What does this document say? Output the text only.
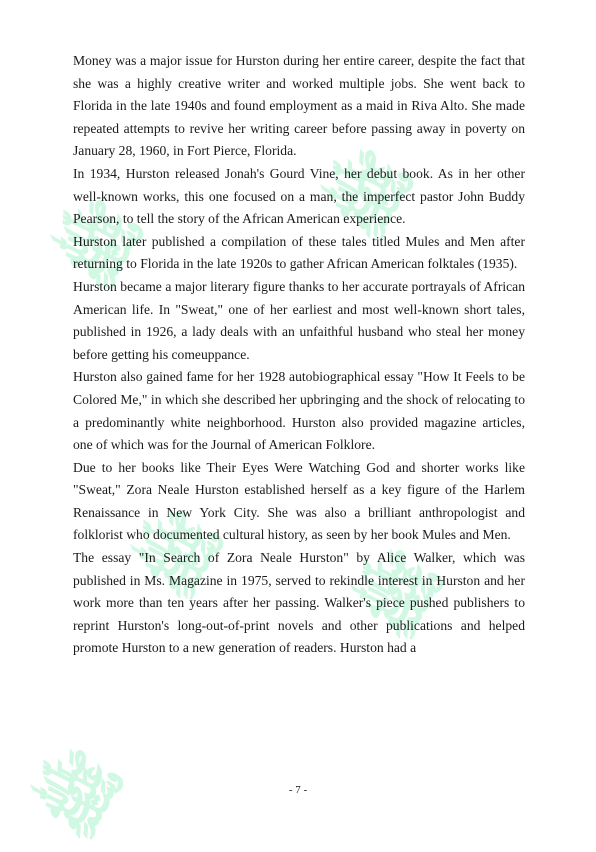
ﷺ ﷺ
ﷺ ﷺ
ﷺ

Money was a major issue for Hurston during her entire career, despite the fact that she was a highly creative writer and worked multiple jobs. She went back to Florida in the late 1940s and found employment as a maid in Riva Alto. She made repeated attempts to revive her writing career before passing away in poverty on January 28, 1960, in Fort Pierce, Florida.

In 1934, Hurston released Jonah's Gourd Vine, her debut book. As in her other well-known works, this one focused on a man, the imperfect pastor John Buddy Pearson, to tell the story of the African American experience.

Hurston later published a compilation of these tales titled Mules and Men after returning to Florida in the late 1920s to gather African American folktales (1935).

Hurston became a major literary figure thanks to her accurate portrayals of African American life. In "Sweat," one of her earliest and most well-known short tales, published in 1926, a lady deals with an unfaithful husband who steal her money before getting his comeuppance.

Hurston also gained fame for her 1928 autobiographical essay "How It Feels to be Colored Me," in which she described her upbringing and the shock of relocating to a predominantly white neighborhood. Hurston also provided magazine articles, one of which was for the Journal of American Folklore.

Due to her books like Their Eyes Were Watching God and shorter works like "Sweat," Zora Neale Hurston established herself as a key figure of the Harlem Renaissance in New York City. She was also a brilliant anthropologist and folklorist who documented cultural history, as seen by her book Mules and Men.

The essay "In Search of Zora Neale Hurston" by Alice Walker, which was published in Ms. Magazine in 1975, served to rekindle interest in Hurston and her work more than ten years after her passing. Walker's piece pushed publishers to reprint Hurston's long-out-of-print novels and other publications and helped promote Hurston to a new generation of readers. Hurston had a

- 7 -
